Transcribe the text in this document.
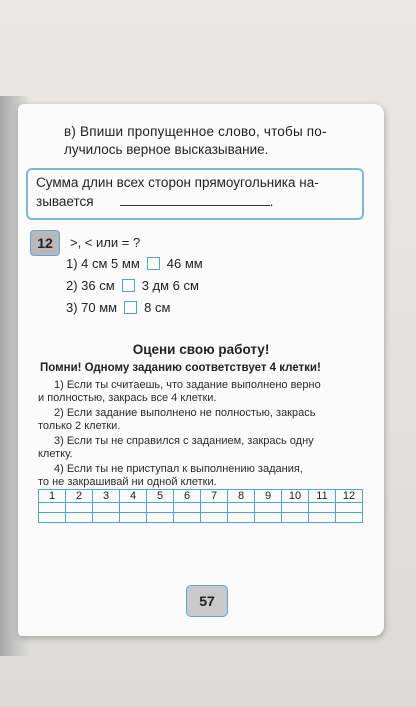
в) Впиши пропущенное слово, чтобы по-
лучилось верное высказывание.
Сумма длин всех сторон прямоугольника на-
зывается	.
12	>, < или = ?
1) 4 см 5 мм 46 мм
2) 36 см 3 дм 6 см
3) 70 мм 8 см
Оцени свою работу!
Помни! Одному заданию соответствует 4 клетки!
1) Если ты считаешь, что задание выполнено верно
и полностью, закрась все 4 клетки.
2) Если задание выполнено не полностью, закрась
только 2 клетки.
3) Если ты не справился с заданием, закрась одну
клетку.
4) Если ты не приступал к выполнению задания,
то не закрашивай ни одной клетки.
1	2	3	4	5	6	7	8	9	10	11	12

57
